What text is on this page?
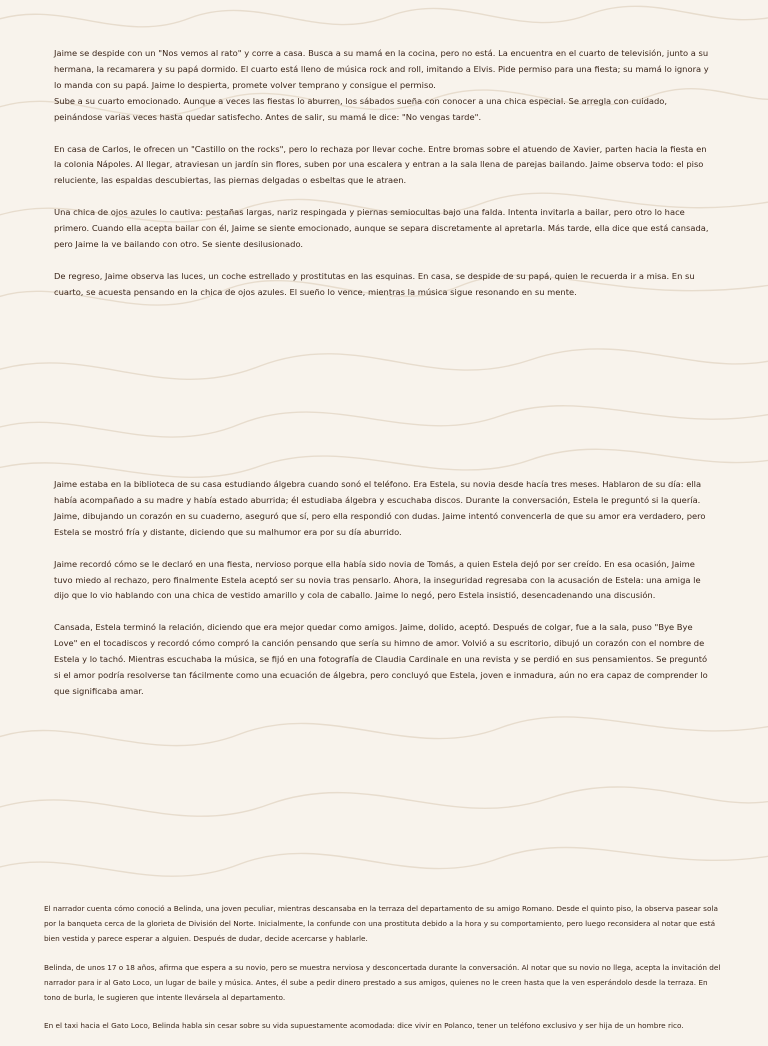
Jaime se despide con un "Nos vemos al rato" y corre a casa. Busca a su mamá en la cocina, pero no está. La encuentra en el cuarto de televisión, junto a su hermana, la recamarera y su papá dormido. El cuarto está lleno de música rock and roll, imitando a Elvis. Pide permiso para una fiesta; su mamá lo ignora y lo manda con su papá. Jaime lo despierta, promete volver temprano y consigue el permiso.
Sube a su cuarto emocionado. Aunque a veces las fiestas lo aburren, los sábados sueña con conocer a una chica especial. Se arregla con cuidado, peinándose varias veces hasta quedar satisfecho. Antes de salir, su mamá le dice: "No vengas tarde".

En casa de Carlos, le ofrecen un "Castillo on the rocks", pero lo rechaza por llevar coche. Entre bromas sobre el atuendo de Xavier, parten hacia la fiesta en la colonia Nápoles. Al llegar, atraviesan un jardín sin flores, suben por una escalera y entran a la sala llena de parejas bailando. Jaime observa todo: el piso reluciente, las espaldas descubiertas, las piernas delgadas o esbeltas que le atraen.

Una chica de ojos azules lo cautiva: pestañas largas, nariz respingada y piernas semiocultas bajo una falda. Intenta invitarla a bailar, pero otro lo hace primero. Cuando ella acepta bailar con él, Jaime se siente emocionado, aunque se separa discretamente al apretarla. Más tarde, ella dice que está cansada, pero Jaime la ve bailando con otro. Se siente desilusionado.

De regreso, Jaime observa las luces, un coche estrellado y prostitutas en las esquinas. En casa, se despide de su papá, quien le recuerda ir a misa. En su cuarto, se acuesta pensando en la chica de ojos azules. El sueño lo vence, mientras la música sigue resonando en su mente.

Jaime estaba en la biblioteca de su casa estudiando álgebra cuando sonó el teléfono. Era Estela, su novia desde hacía tres meses. Hablaron de su día: ella había acompañado a su madre y había estado aburrida; él estudiaba álgebra y escuchaba discos. Durante la conversación, Estela le preguntó si la quería. Jaime, dibujando un corazón en su cuaderno, aseguró que sí, pero ella respondió con dudas. Jaime intentó convencerla de que su amor era verdadero, pero Estela se mostró fría y distante, diciendo que su malhumor era por su día aburrido.

Jaime recordó cómo se le declaró en una fiesta, nervioso porque ella había sido novia de Tomás, a quien Estela dejó por ser creído. En esa ocasión, Jaime tuvo miedo al rechazo, pero finalmente Estela aceptó ser su novia tras pensarlo. Ahora, la inseguridad regresaba con la acusación de Estela: una amiga le dijo que lo vio hablando con una chica de vestido amarillo y cola de caballo. Jaime lo negó, pero Estela insistió, desencadenando una discusión.

Cansada, Estela terminó la relación, diciendo que era mejor quedar como amigos. Jaime, dolido, aceptó. Después de colgar, fue a la sala, puso "Bye Bye Love" en el tocadiscos y recordó cómo compró la canción pensando que sería su himno de amor. Volvió a su escritorio, dibujó un corazón con el nombre de Estela y lo tachó. Mientras escuchaba la música, se fijó en una fotografía de Claudia Cardinale en una revista y se perdió en sus pensamientos. Se preguntó si el amor podría resolverse tan fácilmente como una ecuación de álgebra, pero concluyó que Estela, joven e inmadura, aún no era capaz de comprender lo que significaba amar.

El narrador cuenta cómo conoció a Belinda, una joven peculiar, mientras descansaba en la terraza del departamento de su amigo Romano. Desde el quinto piso, la observa pasear sola por la banqueta cerca de la glorieta de División del Norte. Inicialmente, la confunde con una prostituta debido a la hora y su comportamiento, pero luego reconsidera al notar que está bien vestida y parece esperar a alguien. Después de dudar, decide acercarse y hablarle.

Belinda, de unos 17 o 18 años, afirma que espera a su novio, pero se muestra nerviosa y desconcertada durante la conversación. Al notar que su novio no llega, acepta la invitación del narrador para ir al Gato Loco, un lugar de baile y música. Antes, él sube a pedir dinero prestado a sus amigos, quienes no le creen hasta que la ven esperándolo desde la terraza. En tono de burla, le sugieren que intente llevársela al departamento.

En el taxi hacia el Gato Loco, Belinda habla sin cesar sobre su vida supuestamente acomodada: dice vivir en Polanco, tener un teléfono exclusivo y ser hija de un hombre rico.
